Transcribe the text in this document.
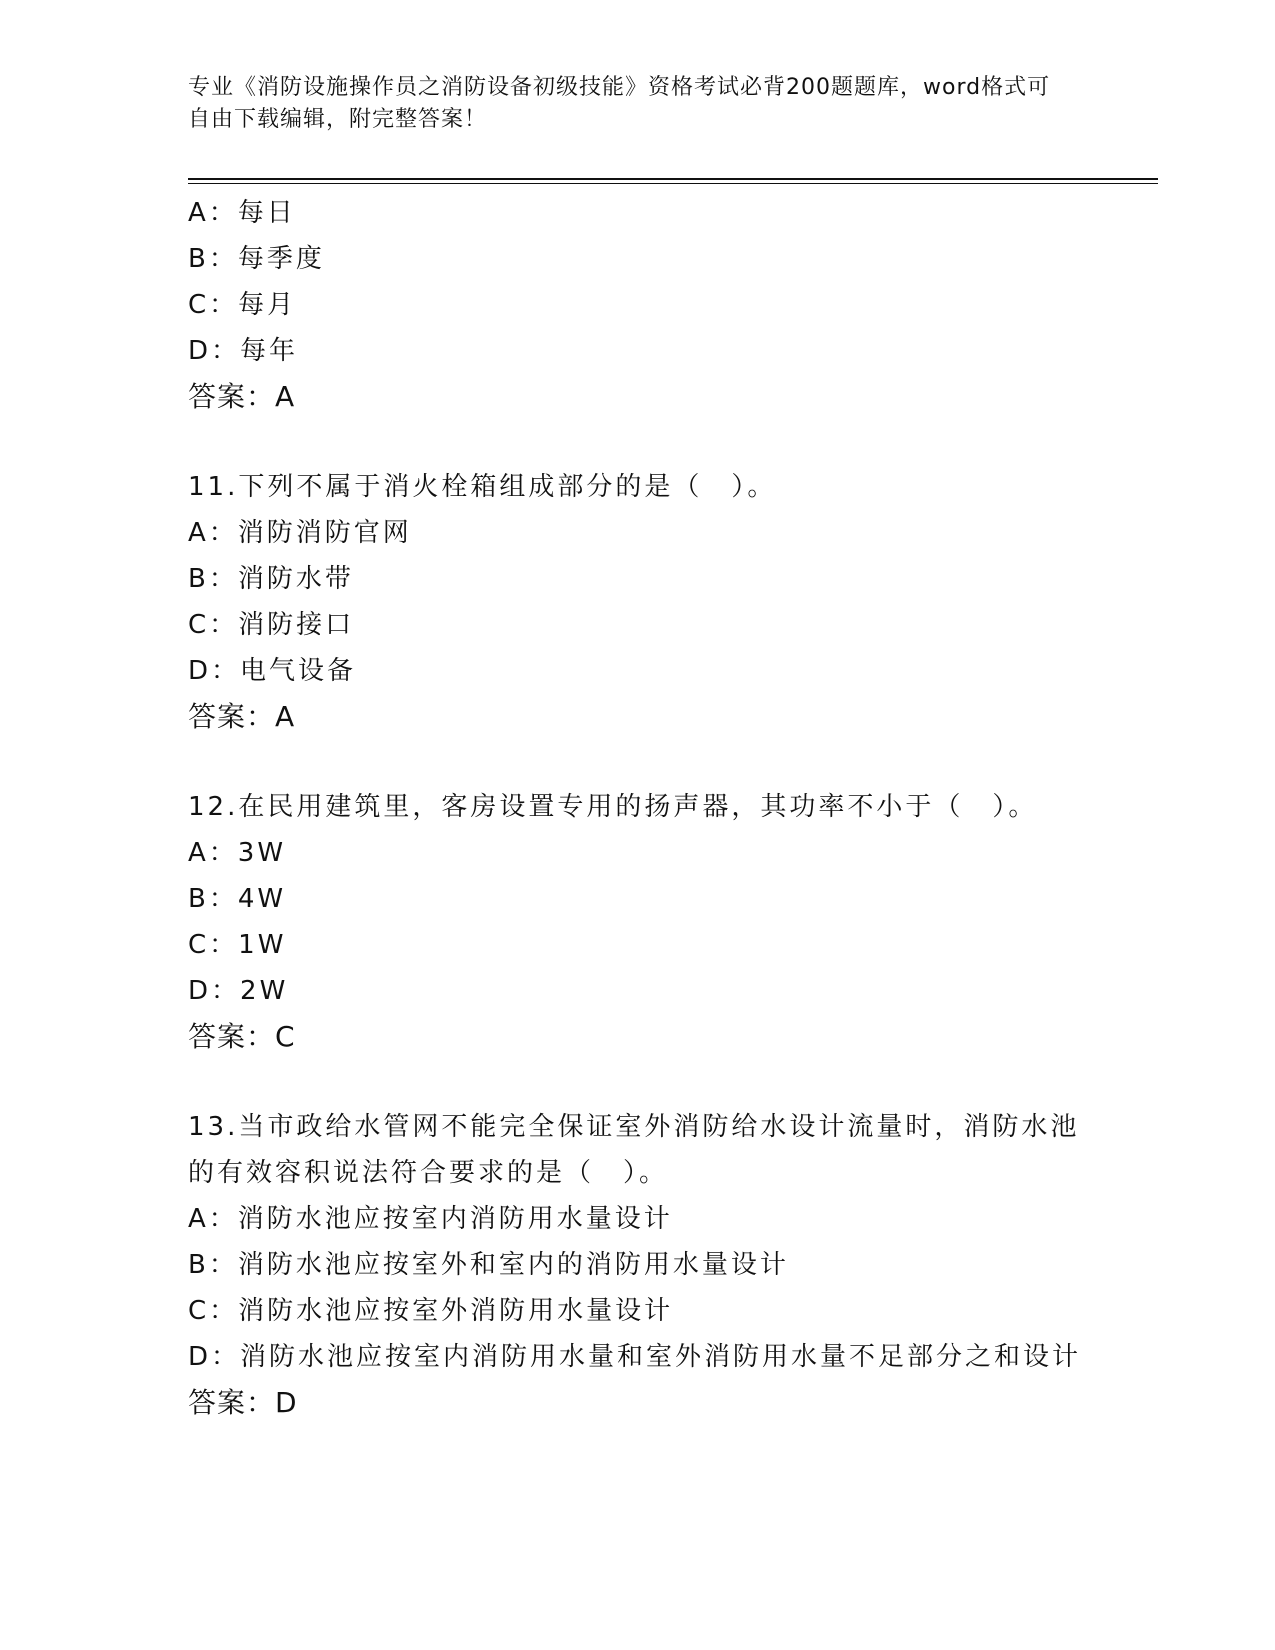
专业《消防设施操作员之消防设备初级技能》资格考试必背200题题库，word格式可自由下载编辑，附完整答案！
A：每日
B：每季度
C：每月
D：每年
答案：A
11.下列不属于消火栓箱组成部分的是（　）。
A：消防消防官网
B：消防水带
C：消防接口
D：电气设备
答案：A
12.在民用建筑里，客房设置专用的扬声器，其功率不小于（　）。
A：3W
B：4W
C：1W
D：2W
答案：C
13.当市政给水管网不能完全保证室外消防给水设计流量时，消防水池的有效容积说法符合要求的是（　）。
A：消防水池应按室内消防用水量设计
B：消防水池应按室外和室内的消防用水量设计
C：消防水池应按室外消防用水量设计
D：消防水池应按室内消防用水量和室外消防用水量不足部分之和设计
答案：D
